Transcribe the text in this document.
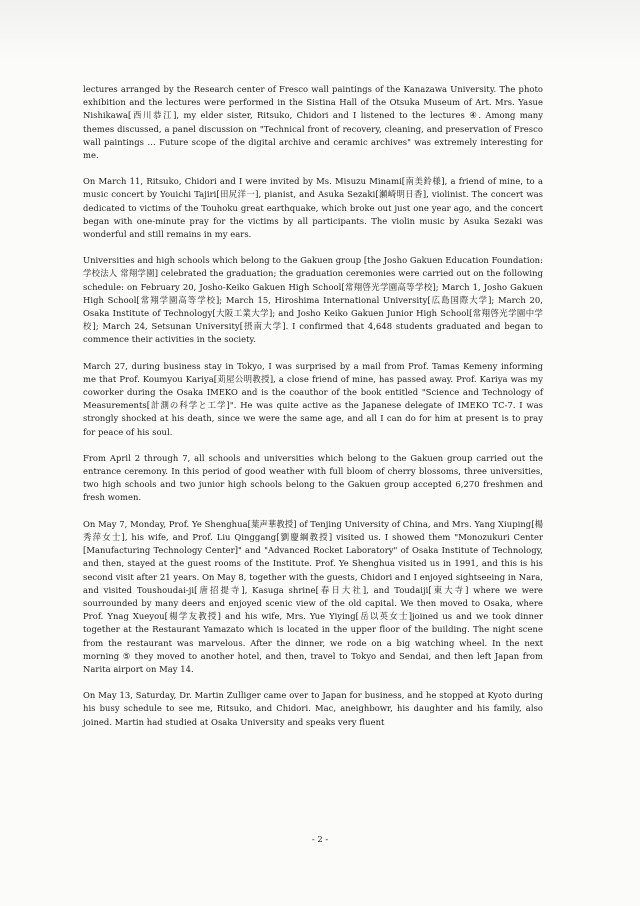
lectures arranged by the Research center of Fresco wall paintings of the Kanazawa University. The photo exhibition and the lectures were performed in the Sistina Hall of the Otsuka Museum of Art. Mrs. Yasue Nishikawa[西川恭江], my elder sister, Ritsuko, Chidori and I listened to the lectures ④. Among many themes discussed, a panel discussion on "Technical front of recovery, cleaning, and preservation of Fresco wall paintings … Future scope of the digital archive and ceramic archives" was extremely interesting for me.

On March 11, Ritsuko, Chidori and I were invited by Ms. Misuzu Minami[南美鈴様], a friend of mine, to a music concert by Youichi Tajiri[田尻洋一], pianist, and Asuka Sezaki[瀬崎明日香], violinist. The concert was dedicated to victims of the Touhoku great earthquake, which broke out just one year ago, and the concert began with one-minute pray for the victims by all participants. The violin music by Asuka Sezaki was wonderful and still remains in my ears.

Universities and high schools which belong to the Gakuen group [the Josho Gakuen Education Foundation: 学校法人 常翔学園] celebrated the graduation; the graduation ceremonies were carried out on the following schedule: on February 20, Josho-Keiko Gakuen High School[常翔啓光学園高等学校]; March 1, Josho Gakuen High School[常翔学園高等学校]; March 15, Hiroshima International University[広島国際大学]; March 20, Osaka Institute of Technology[大阪工業大学]; and Josho Keiko Gakuen Junior High School[常翔啓光学園中学校]; March 24, Setsunan University[摂南大学]. I confirmed that 4,648 students graduated and began to commence their activities in the society.

March 27, during business stay in Tokyo, I was surprised by a mail from Prof. Tamas Kemeny informing me that Prof. Koumyou Kariya[苅屋公明教授], a close friend of mine, has passed away. Prof. Kariya was my coworker during the Osaka IMEKO and is the coauthor of the book entitled "Science and Technology of Measurements[計測の科学と工学]". He was quite active as the Japanese delegate of IMEKO TC-7. I was strongly shocked at his death, since we were the same age, and all I can do for him at present is to pray for peace of his soul.

From April 2 through 7, all schools and universities which belong to the Gakuen group carried out the entrance ceremony. In this period of good weather with full bloom of cherry blossoms, three universities, two high schools and two junior high schools belong to the Gakuen group accepted 6,270 freshmen and fresh women.

On May 7, Monday, Prof. Ye Shenghua[葉声華教授] of Tenjing University of China, and Mrs. Yang Xiuping[楊秀萍女士], his wife, and Prof. Liu Qinggang[劉慶綱教授] visited us. I showed them "Monozukuri Center [Manufacturing Technology Center]" and "Advanced Rocket Laboratory" of Osaka Institute of Technology, and then, stayed at the guest rooms of the Institute. Prof. Ye Shenghua visited us in 1991, and this is his second visit after 21 years. On May 8, together with the guests, Chidori and I enjoyed sightseeing in Nara, and visited Toushoudai-ji[唐招提寺], Kasuga shrine[春日大社], and Toudaiji[東大寺] where we were sourrounded by many deers and enjoyed scenic view of the old capital. We then moved to Osaka, where Prof. Ynag Xueyou[楊学友教授] and his wife, Mrs. Yue Yiying[岳以英女士]joined us and we took dinner together at the Restaurant Yamazato which is located in the upper floor of the building. The night scene from the restaurant was marvelous. After the dinner, we rode on a big watching wheel. In the next morning ⑤ they moved to another hotel, and then, travel to Tokyo and Sendai, and then left Japan from Narita airport on May 14.

On May 13, Saturday, Dr. Martin Zulliger came over to Japan for business, and he stopped at Kyoto during his busy schedule to see me, Ritsuko, and Chidori. Mac, aneighbowr, his daughter and his family, also joined. Martin had studied at Osaka University and speaks very fluent

- 2 -
